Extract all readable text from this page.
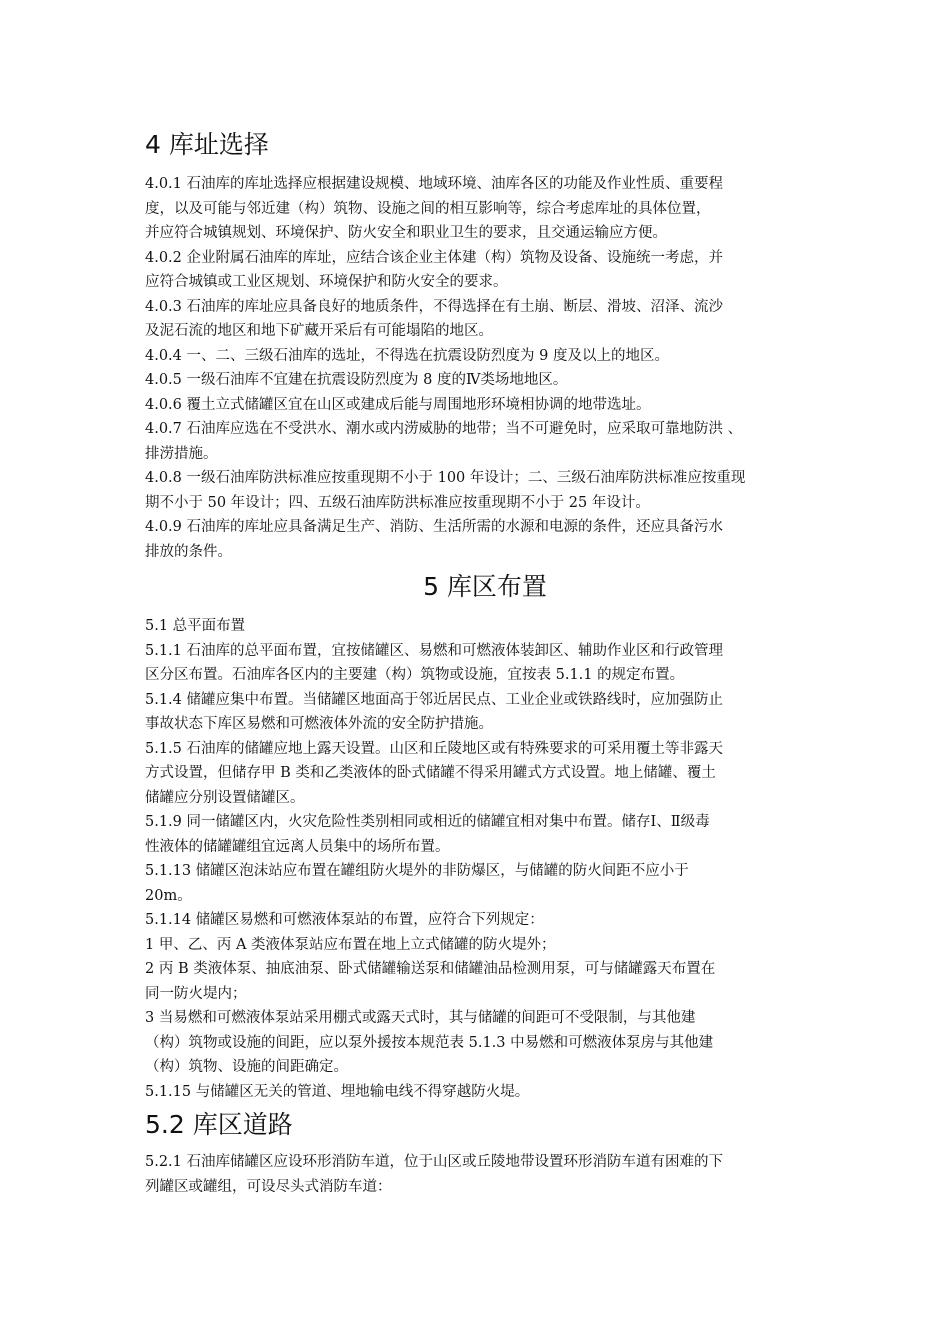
4 库址选择

4.0.1 石油库的库址选择应根据建设规模、地域环境、油库各区的功能及作业性质、重要程
度，以及可能与邻近建（构）筑物、设施之间的相互影响等，综合考虑库址的具体位置，
并应符合城镇规划、环境保护、防火安全和职业卫生的要求，且交通运输应方便。

4.0.2 企业附属石油库的库址，应结合该企业主体建（构）筑物及设备、设施统一考虑，并
应符合城镇或工业区规划、环境保护和防火安全的要求。

4.0.3 石油库的库址应具备良好的地质条件，不得选择在有土崩、断层、滑坡、沼泽、流沙
及泥石流的地区和地下矿藏开采后有可能塌陷的地区。

4.0.4 一、二、三级石油库的选址，不得选在抗震设防烈度为 9 度及以上的地区。

4.0.5 一级石油库不宜建在抗震设防烈度为 8 度的Ⅳ类场地地区。

4.0.6 覆土立式储罐区宜在山区或建成后能与周围地形环境相协调的地带选址。

4.0.7 石油库应选在不受洪水、潮水或内涝威胁的地带；当不可避免时，应采取可靠地防洪 、
排涝措施。

4.0.8 一级石油库防洪标准应按重现期不小于 100 年设计；二、三级石油库防洪标准应按重现
期不小于 50 年设计；四、五级石油库防洪标准应按重现期不小于 25 年设计。

4.0.9 石油库的库址应具备满足生产、消防、生活所需的水源和电源的条件，还应具备污水
排放的条件。

5 库区布置

5.1 总平面布置

5.1.1 石油库的总平面布置，宜按储罐区、易燃和可燃液体装卸区、辅助作业区和行政管理
区分区布置。石油库各区内的主要建（构）筑物或设施，宜按表 5.1.1 的规定布置。

5.1.4 储罐应集中布置。当储罐区地面高于邻近居民点、工业企业或铁路线时，应加强防止
事故状态下库区易燃和可燃液体外流的安全防护措施。

5.1.5 石油库的储罐应地上露天设置。山区和丘陵地区或有特殊要求的可采用覆土等非露天
方式设置，但储存甲 B 类和乙类液体的卧式储罐不得采用罐式方式设置。地上储罐、覆土
储罐应分别设置储罐区。

5.1.9 同一储罐区内，火灾危险性类别相同或相近的储罐宜相对集中布置。储存Ⅰ、Ⅱ级毒
性液体的储罐罐组宜远离人员集中的场所布置。

5.1.13 储罐区泡沫站应布置在罐组防火堤外的非防爆区，与储罐的防火间距不应小于
20m。

5.1.14 储罐区易燃和可燃液体泵站的布置，应符合下列规定：

1 甲、乙、丙 A 类液体泵站应布置在地上立式储罐的防火堤外；

2 丙 B 类液体泵、抽底油泵、卧式储罐输送泵和储罐油品检测用泵，可与储罐露天布置在
同一防火堤内；

3 当易燃和可燃液体泵站采用棚式或露天式时，其与储罐的间距可不受限制，与其他建
（构）筑物或设施的间距，应以泵外援按本规范表 5.1.3 中易燃和可燃液体泵房与其他建
（构）筑物、设施的间距确定。

5.1.15 与储罐区无关的管道、埋地输电线不得穿越防火堤。

5.2 库区道路

5.2.1 石油库储罐区应设环形消防车道，位于山区或丘陵地带设置环形消防车道有困难的下
列罐区或罐组，可设尽头式消防车道：
